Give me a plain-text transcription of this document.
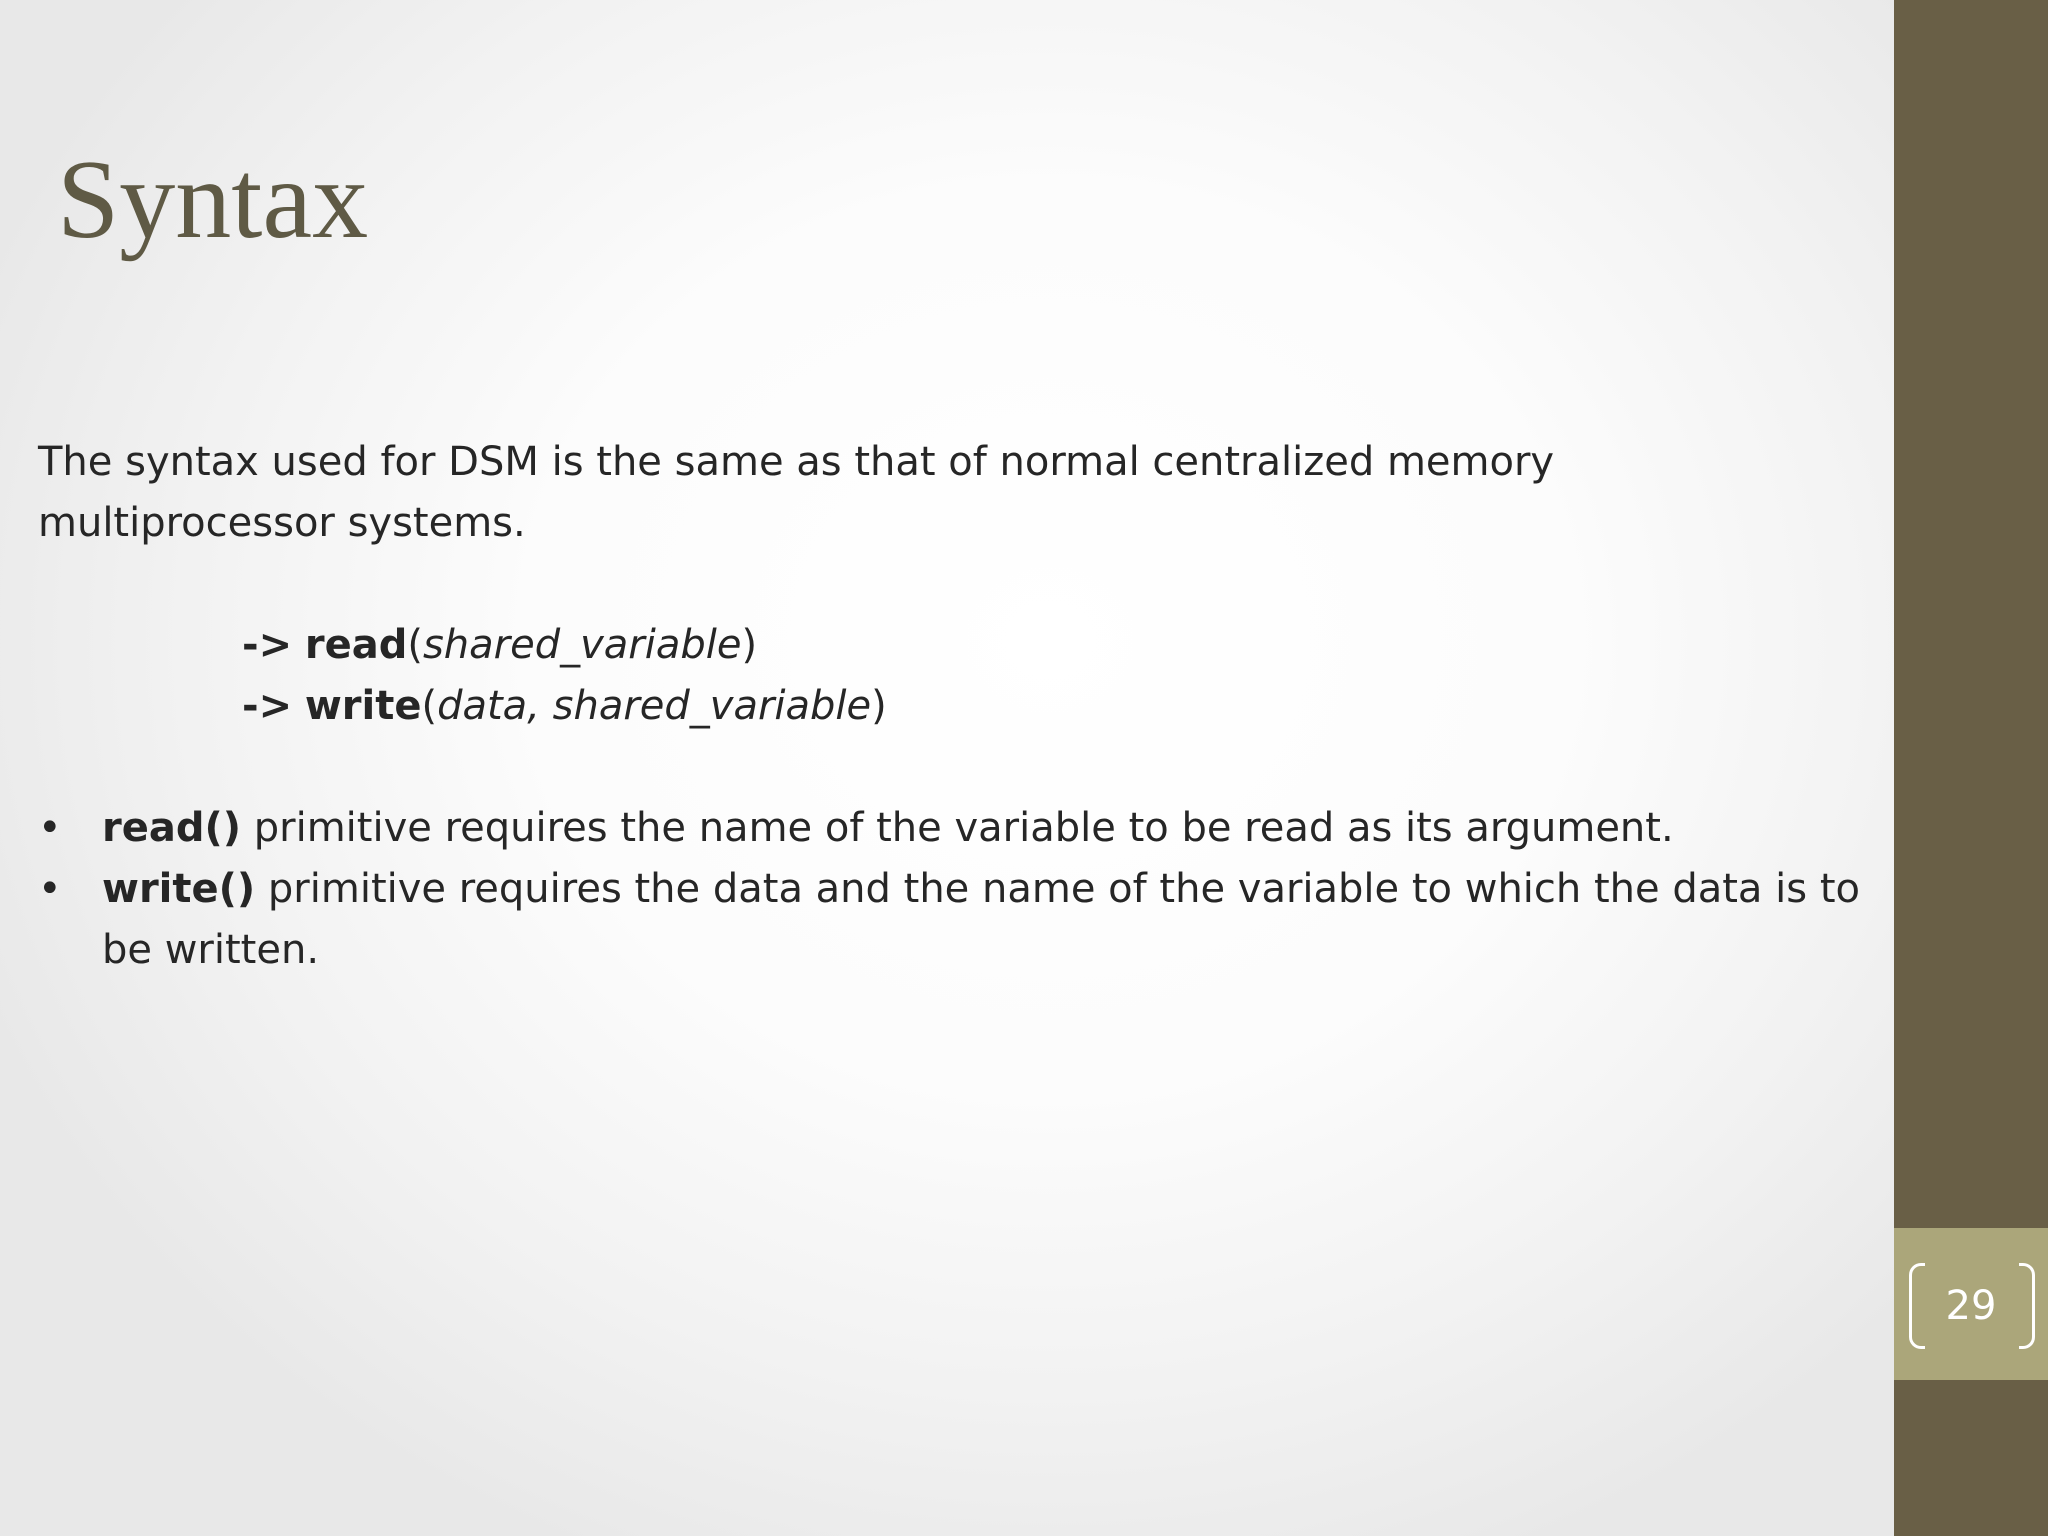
29
Syntax

The syntax used for DSM is the same as that of normal centralized memory multiprocessor systems.

-> read(shared_variable)
-> write(data, shared_variable)
• read() primitive requires the name of the variable to be read as its argument.
• write() primitive requires the data and the name of the variable to which the data is to be written.
